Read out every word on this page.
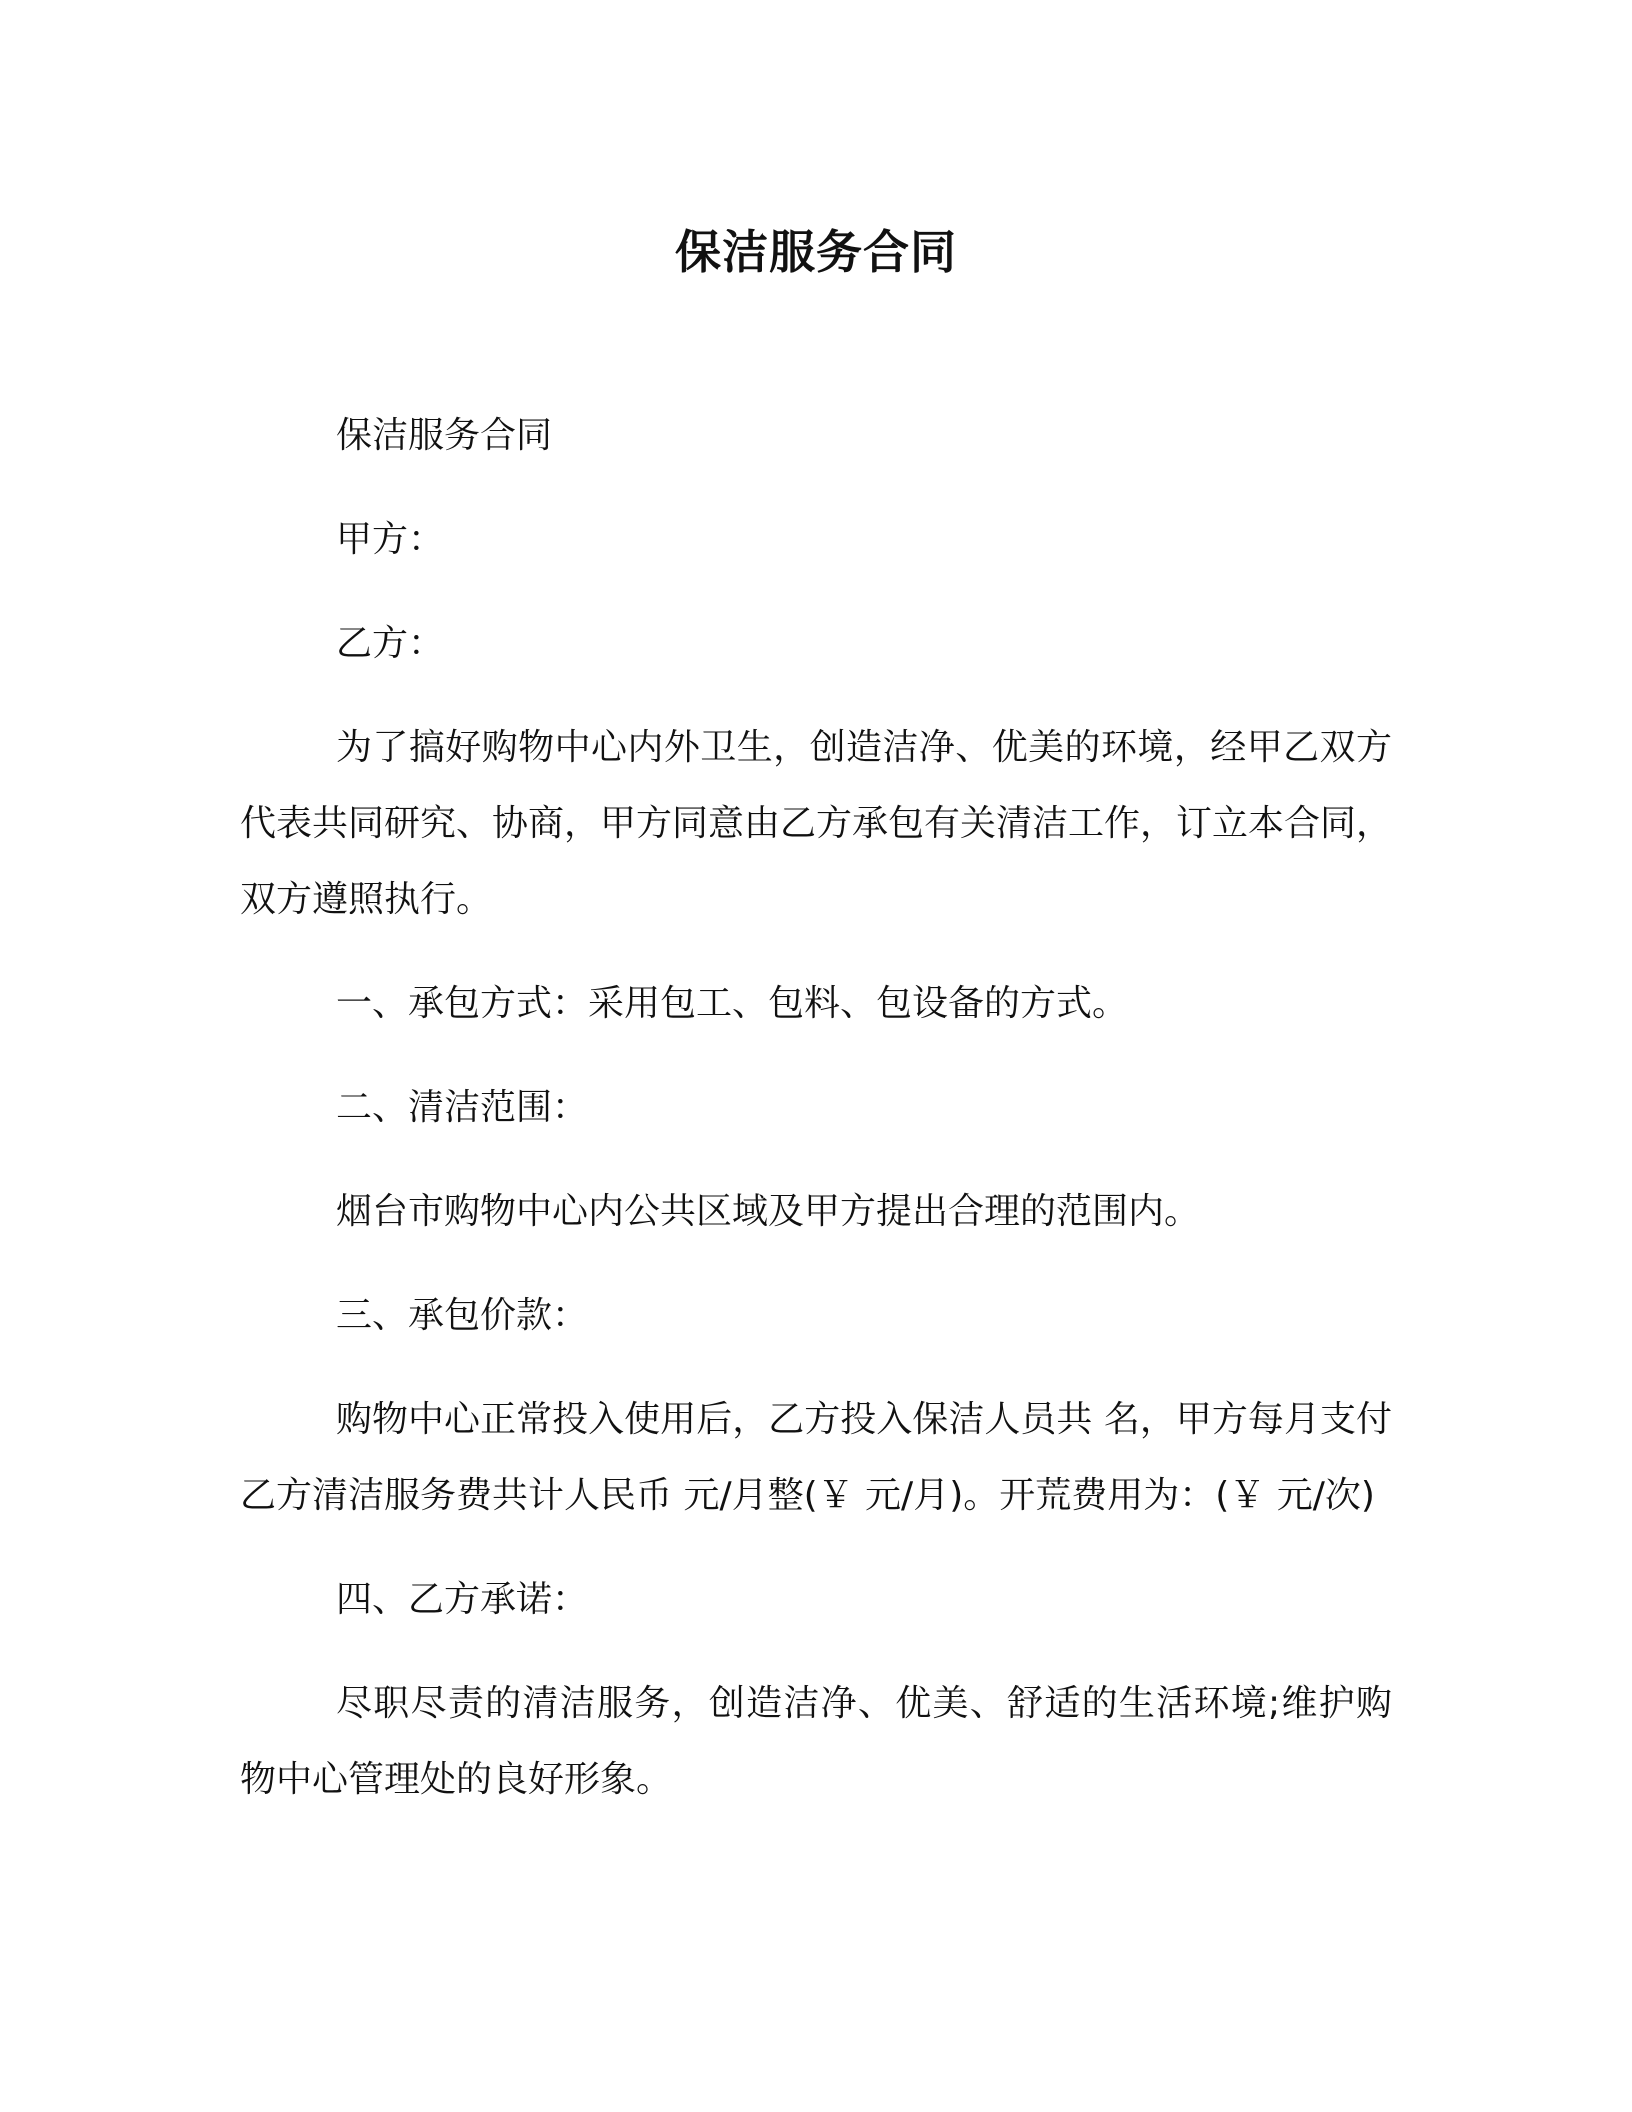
保洁服务合同

保洁服务合同

甲方：

乙方：

为了搞好购物中心内外卫生，创造洁净、优美的环境，经甲乙双方代表共同研究、协商，甲方同意由乙方承包有关清洁工作，订立本合同，双方遵照执行。

一、承包方式：采用包工、包料、包设备的方式。

二、清洁范围：

烟台市购物中心内公共区域及甲方提出合理的范围内。

三、承包价款：

购物中心正常投入使用后，乙方投入保洁人员共 名，甲方每月支付乙方清洁服务费共计人民币 元/月整(￥ 元/月)。开荒费用为：(￥ 元/次)

四、乙方承诺：

尽职尽责的清洁服务，创造洁净、优美、舒适的生活环境;维护购物中心管理处的良好形象。
